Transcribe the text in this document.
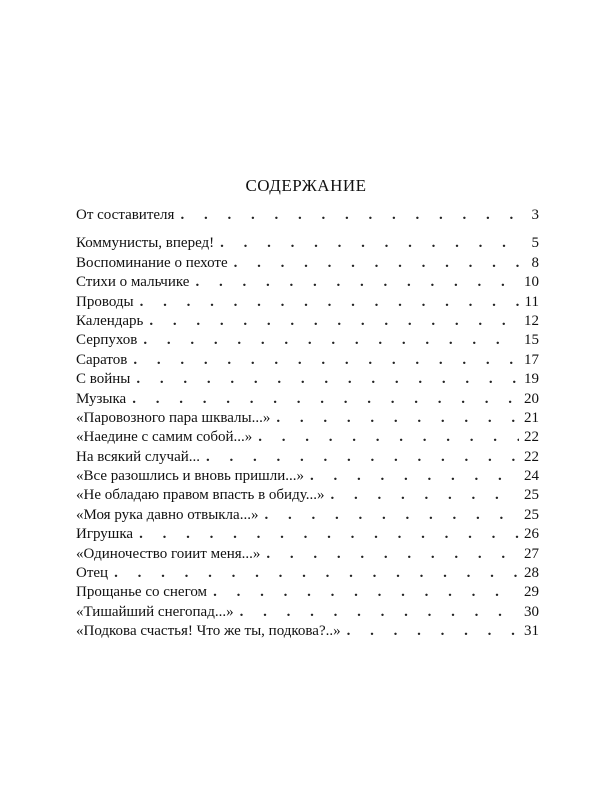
СОДЕРЖАНИЕ
От составителя . . .	3
Коммунисты, вперед! . . .	5
Воспоминание о пехоте . . .	8
Стихи о мальчике . . .	10
Проводы . . .	11
Календарь . . .	12
Серпухов . . .	15
Саратов . . .	17
С войны . . .	19
Музыка . . .	20
«Паровозного пара шквалы...» . . .	21
«Наедине с самим собой...» . . .	22
На всякий случай... . . .	22
«Все разошлись и вновь пришли...» . . .	24
«Не обладаю правом впасть в обиду...» . . .	25
«Моя рука давно отвыкла...» . . .	25
Игрушка . . .	26
«Одиночество гоиит меня...» . . .	27
Отец . . .	28
Прощанье со снегом . . .	29
«Тишайший снегопад...» . . .	30
«Подкова счастья! Что же ты, подкова?..» . . .	31
